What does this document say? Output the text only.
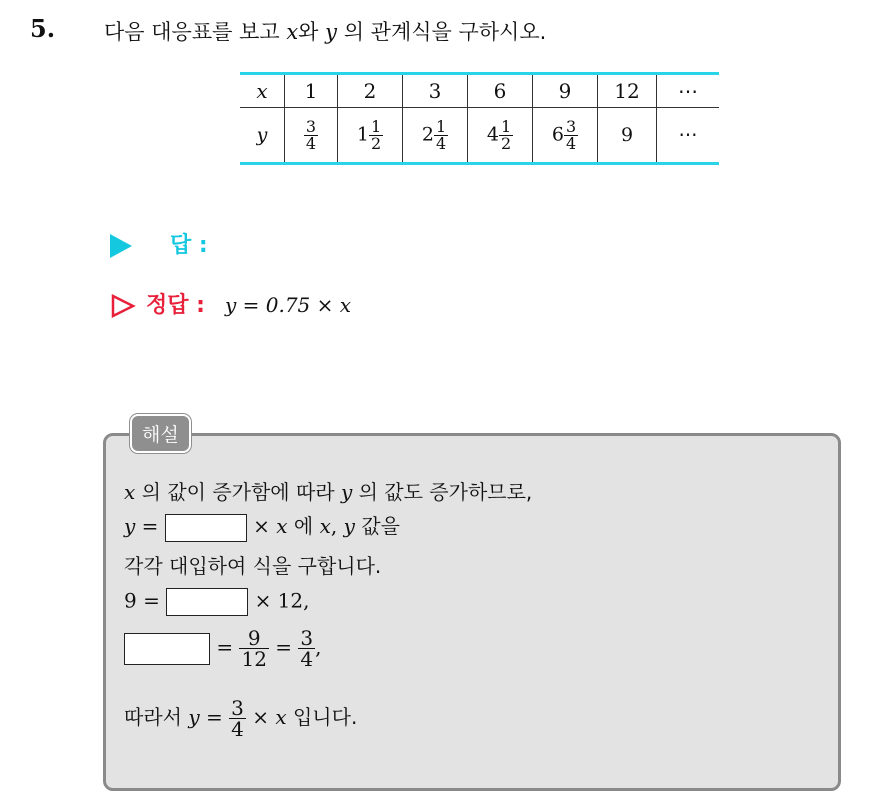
5. 다음 대응표를 보고 x와 y 의 관계식을 구하시오.
x	1	2	3	6	9	12	⋯
y	$\frac{3}{4}$	$1 \frac{1}{2}$	$2 \frac{1}{4}$	$4 \frac{1}{2}$	$6 \frac{3}{4}$	9	⋯
답 :
정답 : y = 0.75 × x
해설
x 의 값이 증가함에 따라 y 의 값도 증가하므로,
y =	× x 에 x, y 값을
각각 대입하여 식을 구합니다.
9 =	× 12,
= $\frac{9}{12} = \frac{3}{4}$ ,
따라서 $y = \frac{3}{4} \times x$ 입니다.
